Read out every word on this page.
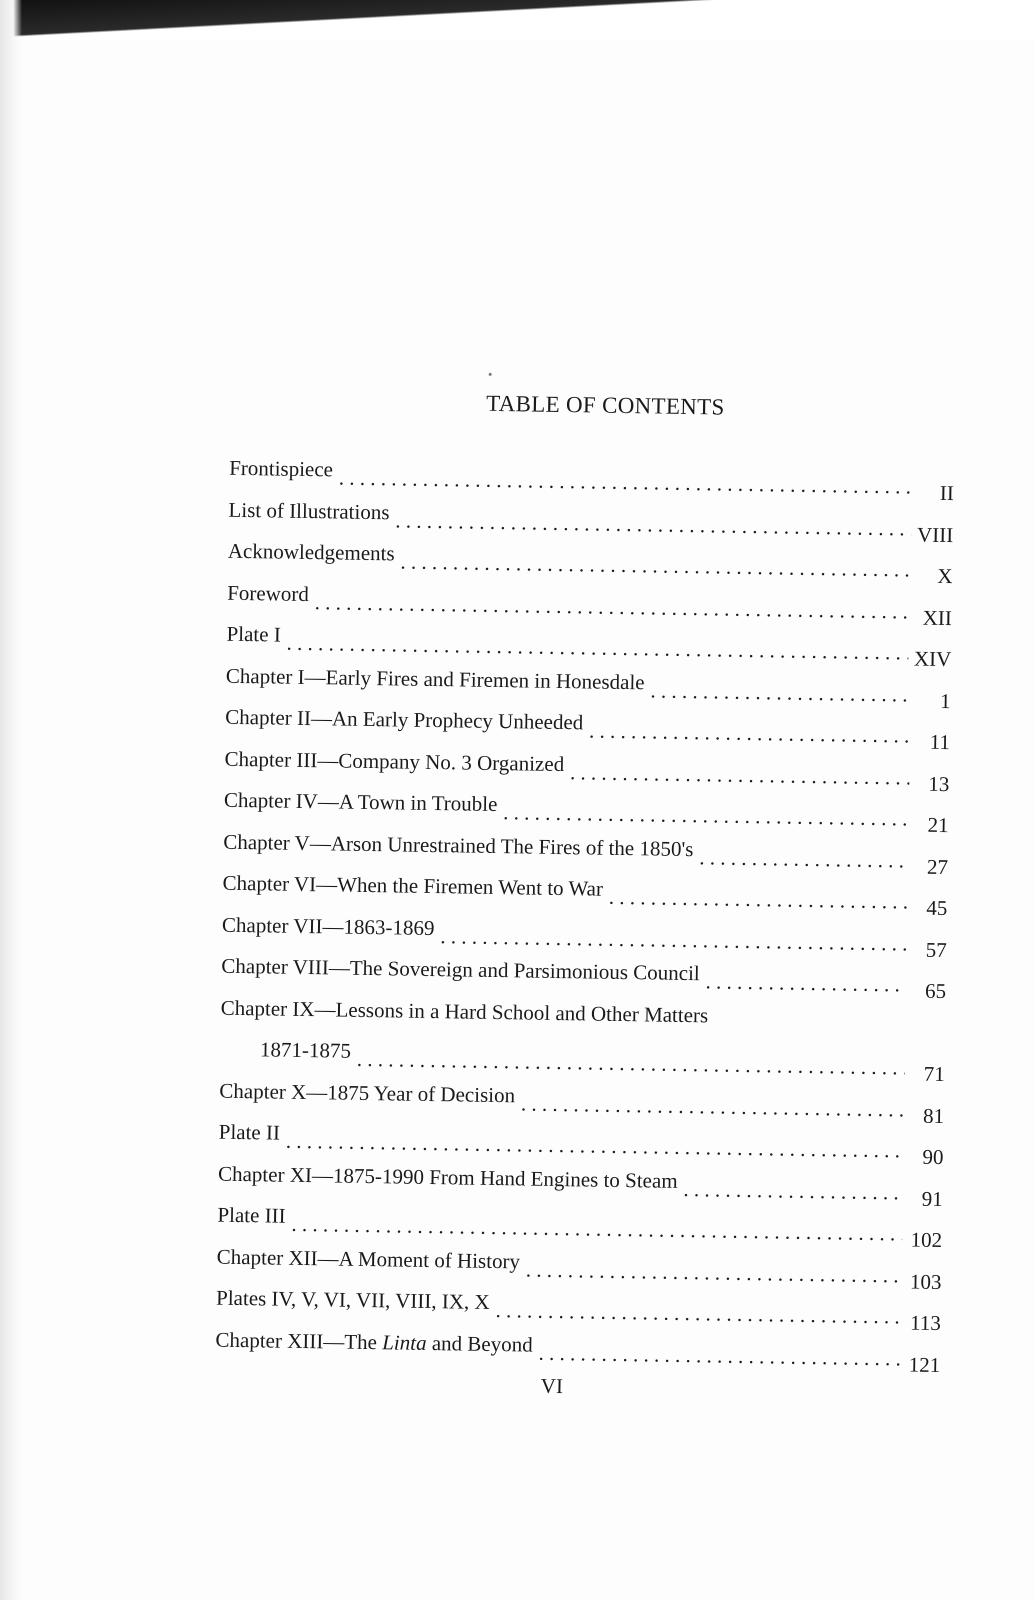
TABLE OF CONTENTS
Frontispiece
. . .
II
List of Illustrations
. . .
VIII
Acknowledgements
. . .
X
Foreword
. . .
XII
Plate I
. . .
XIV
Chapter I—Early Fires and Firemen in Honesdale
. . .
1
Chapter II—An Early Prophecy Unheeded
. . .
11
Chapter III—Company No. 3 Organized
. . .
13
Chapter IV—A Town in Trouble
. . .
21
Chapter V—Arson Unrestrained The Fires of the 1850's
. . .
27
Chapter VI—When the Firemen Went to War
. . .
45
Chapter VII—1863-1869
. . .
57
Chapter VIII—The Sovereign and Parsimonious Council
. . .
65
Chapter IX—Lessons in a Hard School and Other Matters
1871-1875
. . .
71
Chapter X—1875 Year of Decision
. . .
81
Plate II
. . .
90
Chapter XI—1875-1990 From Hand Engines to Steam
. . .
91
Plate III
. . .
102
Chapter XII—A Moment of History
. . .
103
Plates IV, V, VI, VII, VIII, IX, X
. . .
113
Chapter XIII—The Linta and Beyond
. . .
121
VI
